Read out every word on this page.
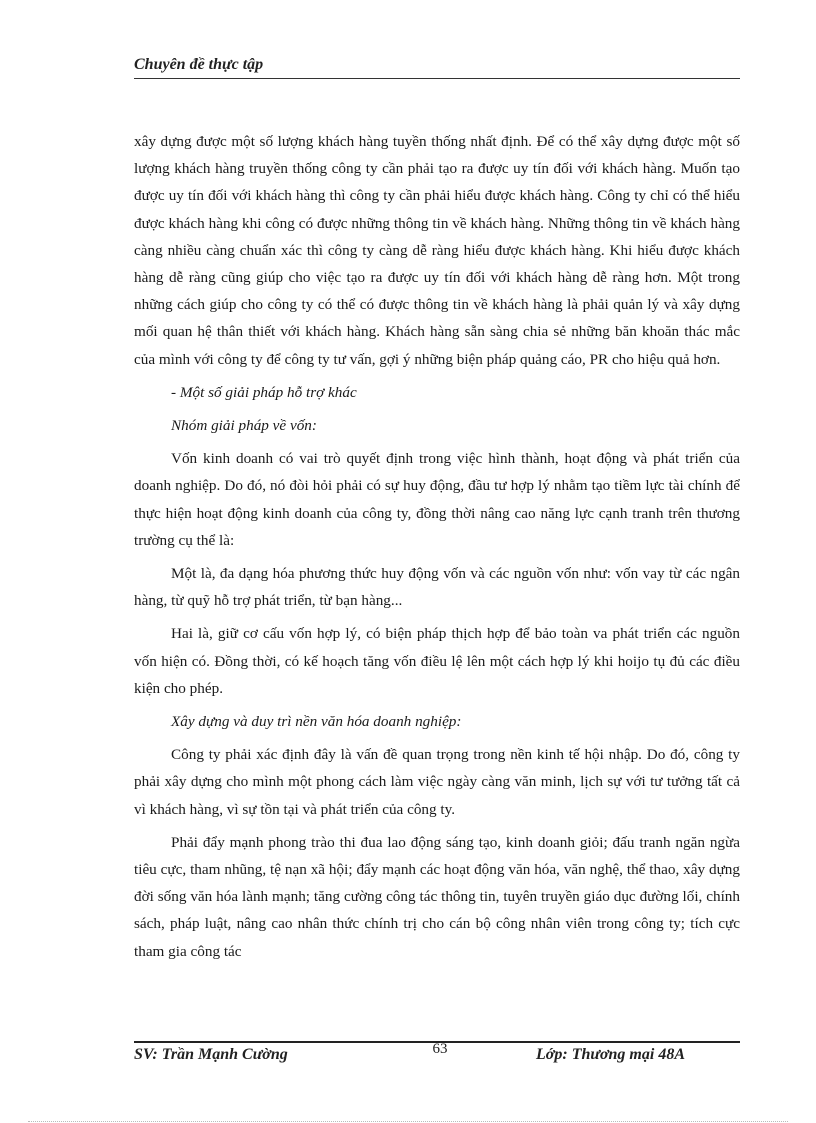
Chuyên đề thực tập

xây dựng được một số lượng khách hàng tuyền thống nhất định. Để có thể xây dựng được một số lượng khách hàng truyền thống công ty cần phải tạo ra được uy tín đối với khách hàng. Muốn tạo được uy tín đối với khách hàng thì công ty cần phải hiểu được khách hàng. Công ty chỉ có thể hiểu được khách hàng khi công có được những thông tin về khách hàng. Những thông tin về khách hàng càng nhiều càng chuẩn xác thì công ty càng dễ ràng hiểu được khách hàng. Khi hiểu được khách hàng dễ ràng cũng giúp cho việc tạo ra được uy tín đối với khách hàng dễ ràng hơn. Một trong những cách giúp cho công ty có thể có được thông tin về khách hàng là phải quản lý và xây dựng mối quan hệ thân thiết với khách hàng. Khách hàng sẵn sàng chia sẻ những băn khoăn thác mắc của mình với công ty để công ty tư vấn, gợi ý những biện pháp quảng cáo, PR cho hiệu quả hơn.

- Một số giải pháp hỗ trợ khác

Nhóm giải pháp về vốn:

Vốn kinh doanh có vai trò quyết định trong việc hình thành, hoạt động và phát triển của doanh nghiệp. Do đó, nó đòi hỏi phải có sự huy động, đầu tư hợp lý nhằm tạo tiềm lực tài chính để thực hiện hoạt động kinh doanh của công ty, đồng thời nâng cao năng lực cạnh tranh trên thương trường cụ thể là:

Một là, đa dạng hóa phương thức huy động vốn và các nguồn vốn như: vốn vay từ các ngân hàng, từ quỹ hỗ trợ phát triển, từ bạn hàng...

Hai là, giữ cơ cấu vốn hợp lý, có biện pháp thịch hợp để bảo toàn va phát triển các nguồn vốn hiện có. Đồng thời, có kế hoạch tăng vốn điều lệ lên một cách hợp lý khi hoijo tụ đủ các điều kiện cho phép.

Xây dựng và duy trì nền văn hóa doanh nghiệp:

Công ty phải xác định đây là vấn đề quan trọng trong nền kinh tế hội nhập. Do đó, công ty phải xây dựng cho mình một phong cách làm việc ngày càng văn minh, lịch sự với tư tưởng tất cả vì khách hàng, vì sự tồn tại và phát triển của công ty.

Phải đẩy mạnh phong trào thi đua lao động sáng tạo, kinh doanh giỏi; đấu tranh ngăn ngừa tiêu cực, tham nhũng, tệ nạn xã hội; đẩy mạnh các hoạt động văn hóa, văn nghệ, thể thao, xây dựng đời sống văn hóa lành mạnh; tăng cường công tác thông tin, tuyên truyền giáo dục đường lối, chính sách, pháp luật, nâng cao nhân thức chính trị cho cán bộ công nhân viên trong công ty; tích cực tham gia công tác

SV: Trần Mạnh Cường	63	Lớp: Thương mại 48A
